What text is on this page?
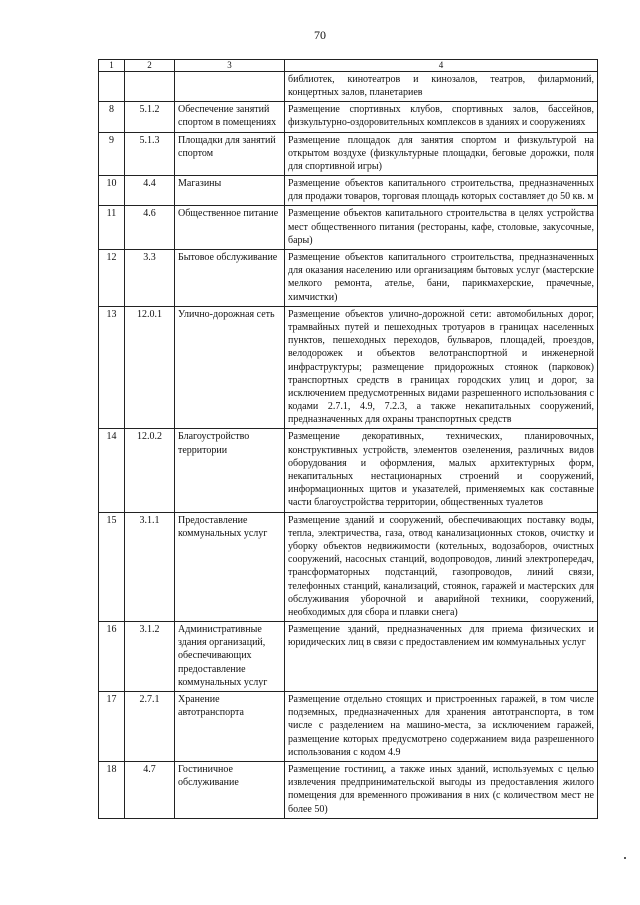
70
1	2	3	4
			библиотек, кинотеатров и кинозалов, театров, филармоний, концертных залов, планетариев
8	5.1.2	Обеспечение занятий спортом в помещениях	Размещение спортивных клубов, спортивных залов, бассейнов, физкультурно-оздоровительных комплексов в зданиях и сооружениях
9	5.1.3	Площадки для занятий спортом	Размещение площадок для занятия спортом и физкультурой на открытом воздухе (физкультурные площадки, беговые дорожки, поля для спортивной игры)
10	4.4	Магазины	Размещение объектов капитального строительства, предназначенных для продажи товаров, торговая площадь которых составляет до 50 кв. м
11	4.6	Общественное питание	Размещение объектов капитального строительства в целях устройства мест общественного питания (рестораны, кафе, столовые, закусочные, бары)
12	3.3	Бытовое обслуживание	Размещение объектов капитального строительства, предназначенных для оказания населению или организациям бытовых услуг (мастерские мелкого ремонта, ателье, бани, парикмахерские, прачечные, химчистки)
13	12.0.1	Улично-дорожная сеть	Размещение объектов улично-дорожной сети: автомобильных дорог, трамвайных путей и пешеходных тротуаров в границах населенных пунктов, пешеходных переходов, бульваров, площадей, проездов, велодорожек и объектов велотранспортной и инженерной инфраструктуры; размещение придорожных стоянок (парковок) транспортных средств в границах городских улиц и дорог, за исключением предусмотренных видами разрешенного использования с кодами 2.7.1, 4.9, 7.2.3, а также некапитальных сооружений, предназначенных для охраны транспортных средств
14	12.0.2	Благоустройство территории	Размещение декоративных, технических, планировочных, конструктивных устройств, элементов озеленения, различных видов оборудования и оформления, малых архитектурных форм, некапитальных нестационарных строений и сооружений, информационных щитов и указателей, применяемых как составные части благоустройства территории, общественных туалетов
15	3.1.1	Предоставление коммунальных услуг	Размещение зданий и сооружений, обеспечивающих поставку воды, тепла, электричества, газа, отвод канализационных стоков, очистку и уборку объектов недвижимости (котельных, водозаборов, очистных сооружений, насосных станций, водопроводов, линий электропередач, трансформаторных подстанций, газопроводов, линий связи, телефонных станций, канализаций, стоянок, гаражей и мастерских для обслуживания уборочной и аварийной техники, сооружений, необходимых для сбора и плавки снега)
16	3.1.2	Административные здания организаций, обеспечивающих предоставление коммунальных услуг	Размещение зданий, предназначенных для приема физических и юридических лиц в связи с предоставлением им коммунальных услуг
17	2.7.1	Хранение автотранспорта	Размещение отдельно стоящих и пристроенных гаражей, в том числе подземных, предназначенных для хранения автотранспорта, в том числе с разделением на машино-места, за исключением гаражей, размещение которых предусмотрено содержанием вида разрешенного использования с кодом 4.9
18	4.7	Гостиничное обслуживание	Размещение гостиниц, а также иных зданий, используемых с целью извлечения предпринимательской выгоды из предоставления жилого помещения для временного проживания в них (с количеством мест не более 50)
